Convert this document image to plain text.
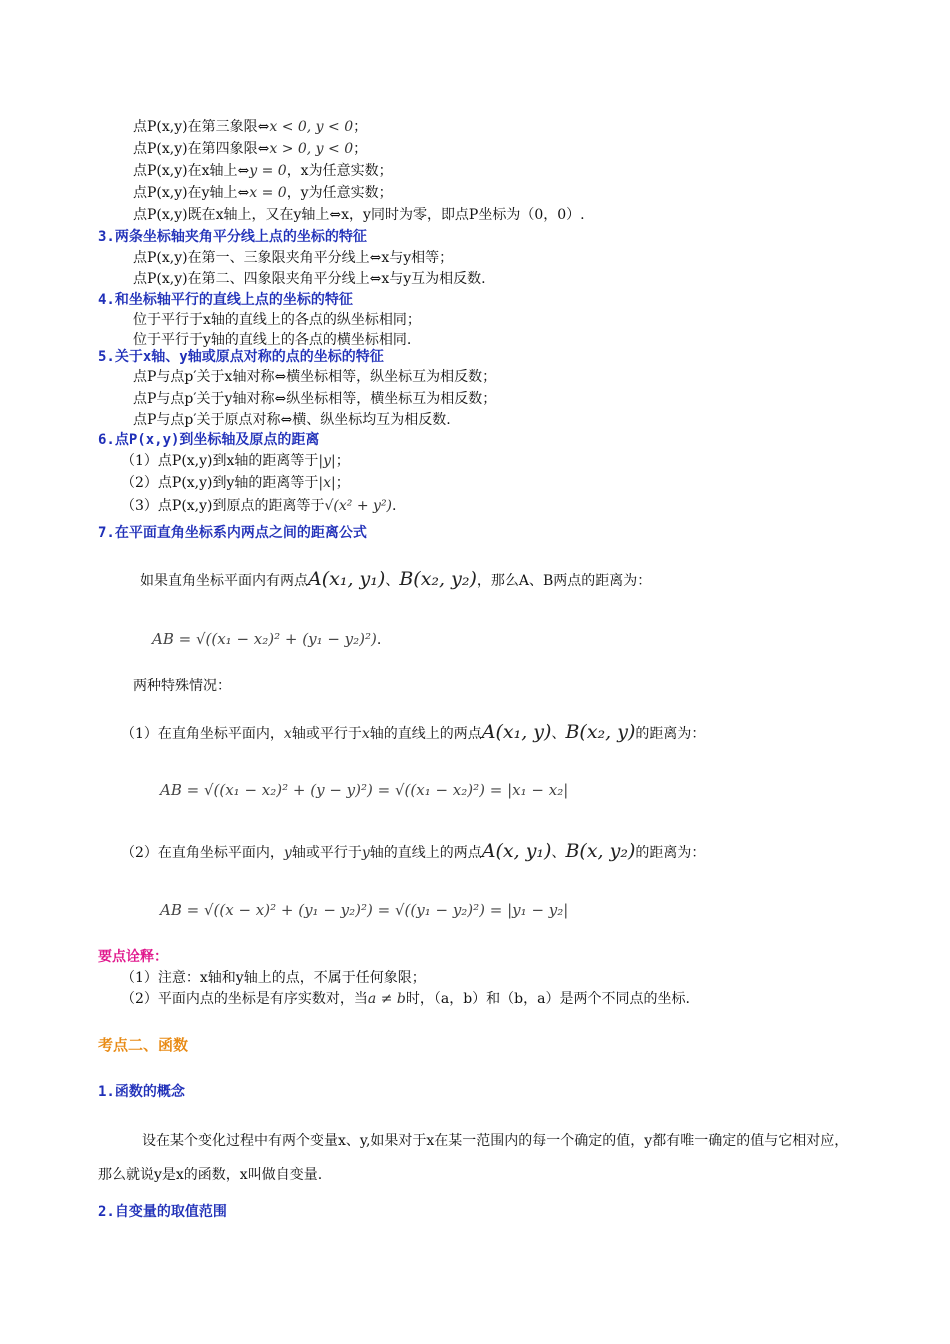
点P(x,y)在第三象限⇔x < 0, y < 0；
点P(x,y)在第四象限⇔x > 0, y < 0；
点P(x,y)在x轴上⇔y = 0，x为任意实数；
点P(x,y)在y轴上⇔x = 0，y为任意实数；
点P(x,y)既在x轴上，又在y轴上⇔x，y同时为零，即点P坐标为（0，0）.
3.两条坐标轴夹角平分线上点的坐标的特征
点P(x,y)在第一、三象限夹角平分线上⇔x与y相等；
点P(x,y)在第二、四象限夹角平分线上⇔x与y互为相反数.
4.和坐标轴平行的直线上点的坐标的特征
位于平行于x轴的直线上的各点的纵坐标相同；
位于平行于y轴的直线上的各点的横坐标相同.
5.关于x轴、y轴或原点对称的点的坐标的特征
点P与点p′关于x轴对称⇔横坐标相等，纵坐标互为相反数；
点P与点p′关于y轴对称⇔纵坐标相等，横坐标互为相反数；
点P与点p′关于原点对称⇔横、纵坐标均互为相反数.
6.点P(x,y)到坐标轴及原点的距离
（1）点P(x,y)到x轴的距离等于|y|；
（2）点P(x,y)到y轴的距离等于|x|；
（3）点P(x,y)到原点的距离等于√(x² + y²).
7.在平面直角坐标系内两点之间的距离公式
如果直角坐标平面内有两点A(x₁, y₁)、B(x₂, y₂)，那么A、B两点的距离为：
AB = √((x₁ − x₂)² + (y₁ − y₂)²).
两种特殊情况：
（1）在直角坐标平面内，x轴或平行于x轴的直线上的两点A(x₁, y)、B(x₂, y)的距离为：
AB = √((x₁ − x₂)² + (y − y)²) = √((x₁ − x₂)²) = |x₁ − x₂|
（2）在直角坐标平面内，y轴或平行于y轴的直线上的两点A(x, y₁)、B(x, y₂)的距离为：
AB = √((x − x)² + (y₁ − y₂)²) = √((y₁ − y₂)²) = |y₁ − y₂|
要点诠释：
（1）注意：x轴和y轴上的点，不属于任何象限；
（2）平面内点的坐标是有序实数对，当a ≠ b时，（a，b）和（b，a）是两个不同点的坐标.
考点二、函数
1.函数的概念
设在某个变化过程中有两个变量x、y,如果对于x在某一范围内的每一个确定的值，y都有唯一确定的值与它相对应，那么就说y是x的函数，x叫做自变量.
2.自变量的取值范围
